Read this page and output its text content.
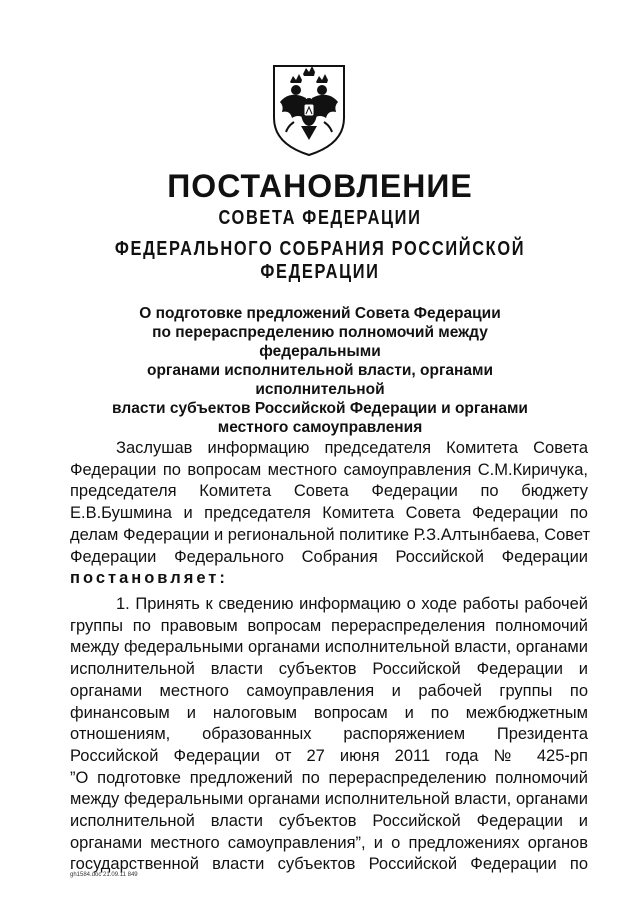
ПОСТАНОВЛЕНИЕ
СОВЕТА ФЕДЕРАЦИИ
ФЕДЕРАЛЬНОГО СОБРАНИЯ РОССИЙСКОЙ ФЕДЕРАЦИИ
О подготовке предложений Совета Федерации
по перераспределению полномочий между федеральными
органами исполнительной власти, органами исполнительной
власти субъектов Российской Федерации и органами
местного самоуправления
Заслушав информацию председателя Комитета Совета
Федерации по вопросам местного самоуправления С.М.Киричука,
председателя Комитета Совета Федерации по бюджету
Е.В.Бушмина и председателя Комитета Совета Федерации по
делам Федерации и региональной политике Р.З.Алтынбаева, Совет
Федерации Федерального Собрания Российской Федерации
постановляет:
1. Принять к сведению информацию о ходе работы рабочей
группы по правовым вопросам перераспределения полномочий
между федеральными органами исполнительной власти, органами
исполнительной власти субъектов Российской Федерации и
органами местного самоуправления и рабочей группы по
финансовым и налоговым вопросам и по межбюджетным
отношениям, образованных распоряжением Президента
Российской Федерации от 27 июня 2011 года № 425-рп
”О подготовке предложений по перераспределению полномочий
между федеральными органами исполнительной власти, органами
исполнительной власти субъектов Российской Федерации и
органами местного самоуправления”, и о предложениях органов
государственной власти субъектов Российской Федерации по
gh1584.doc 21.09.11 849
